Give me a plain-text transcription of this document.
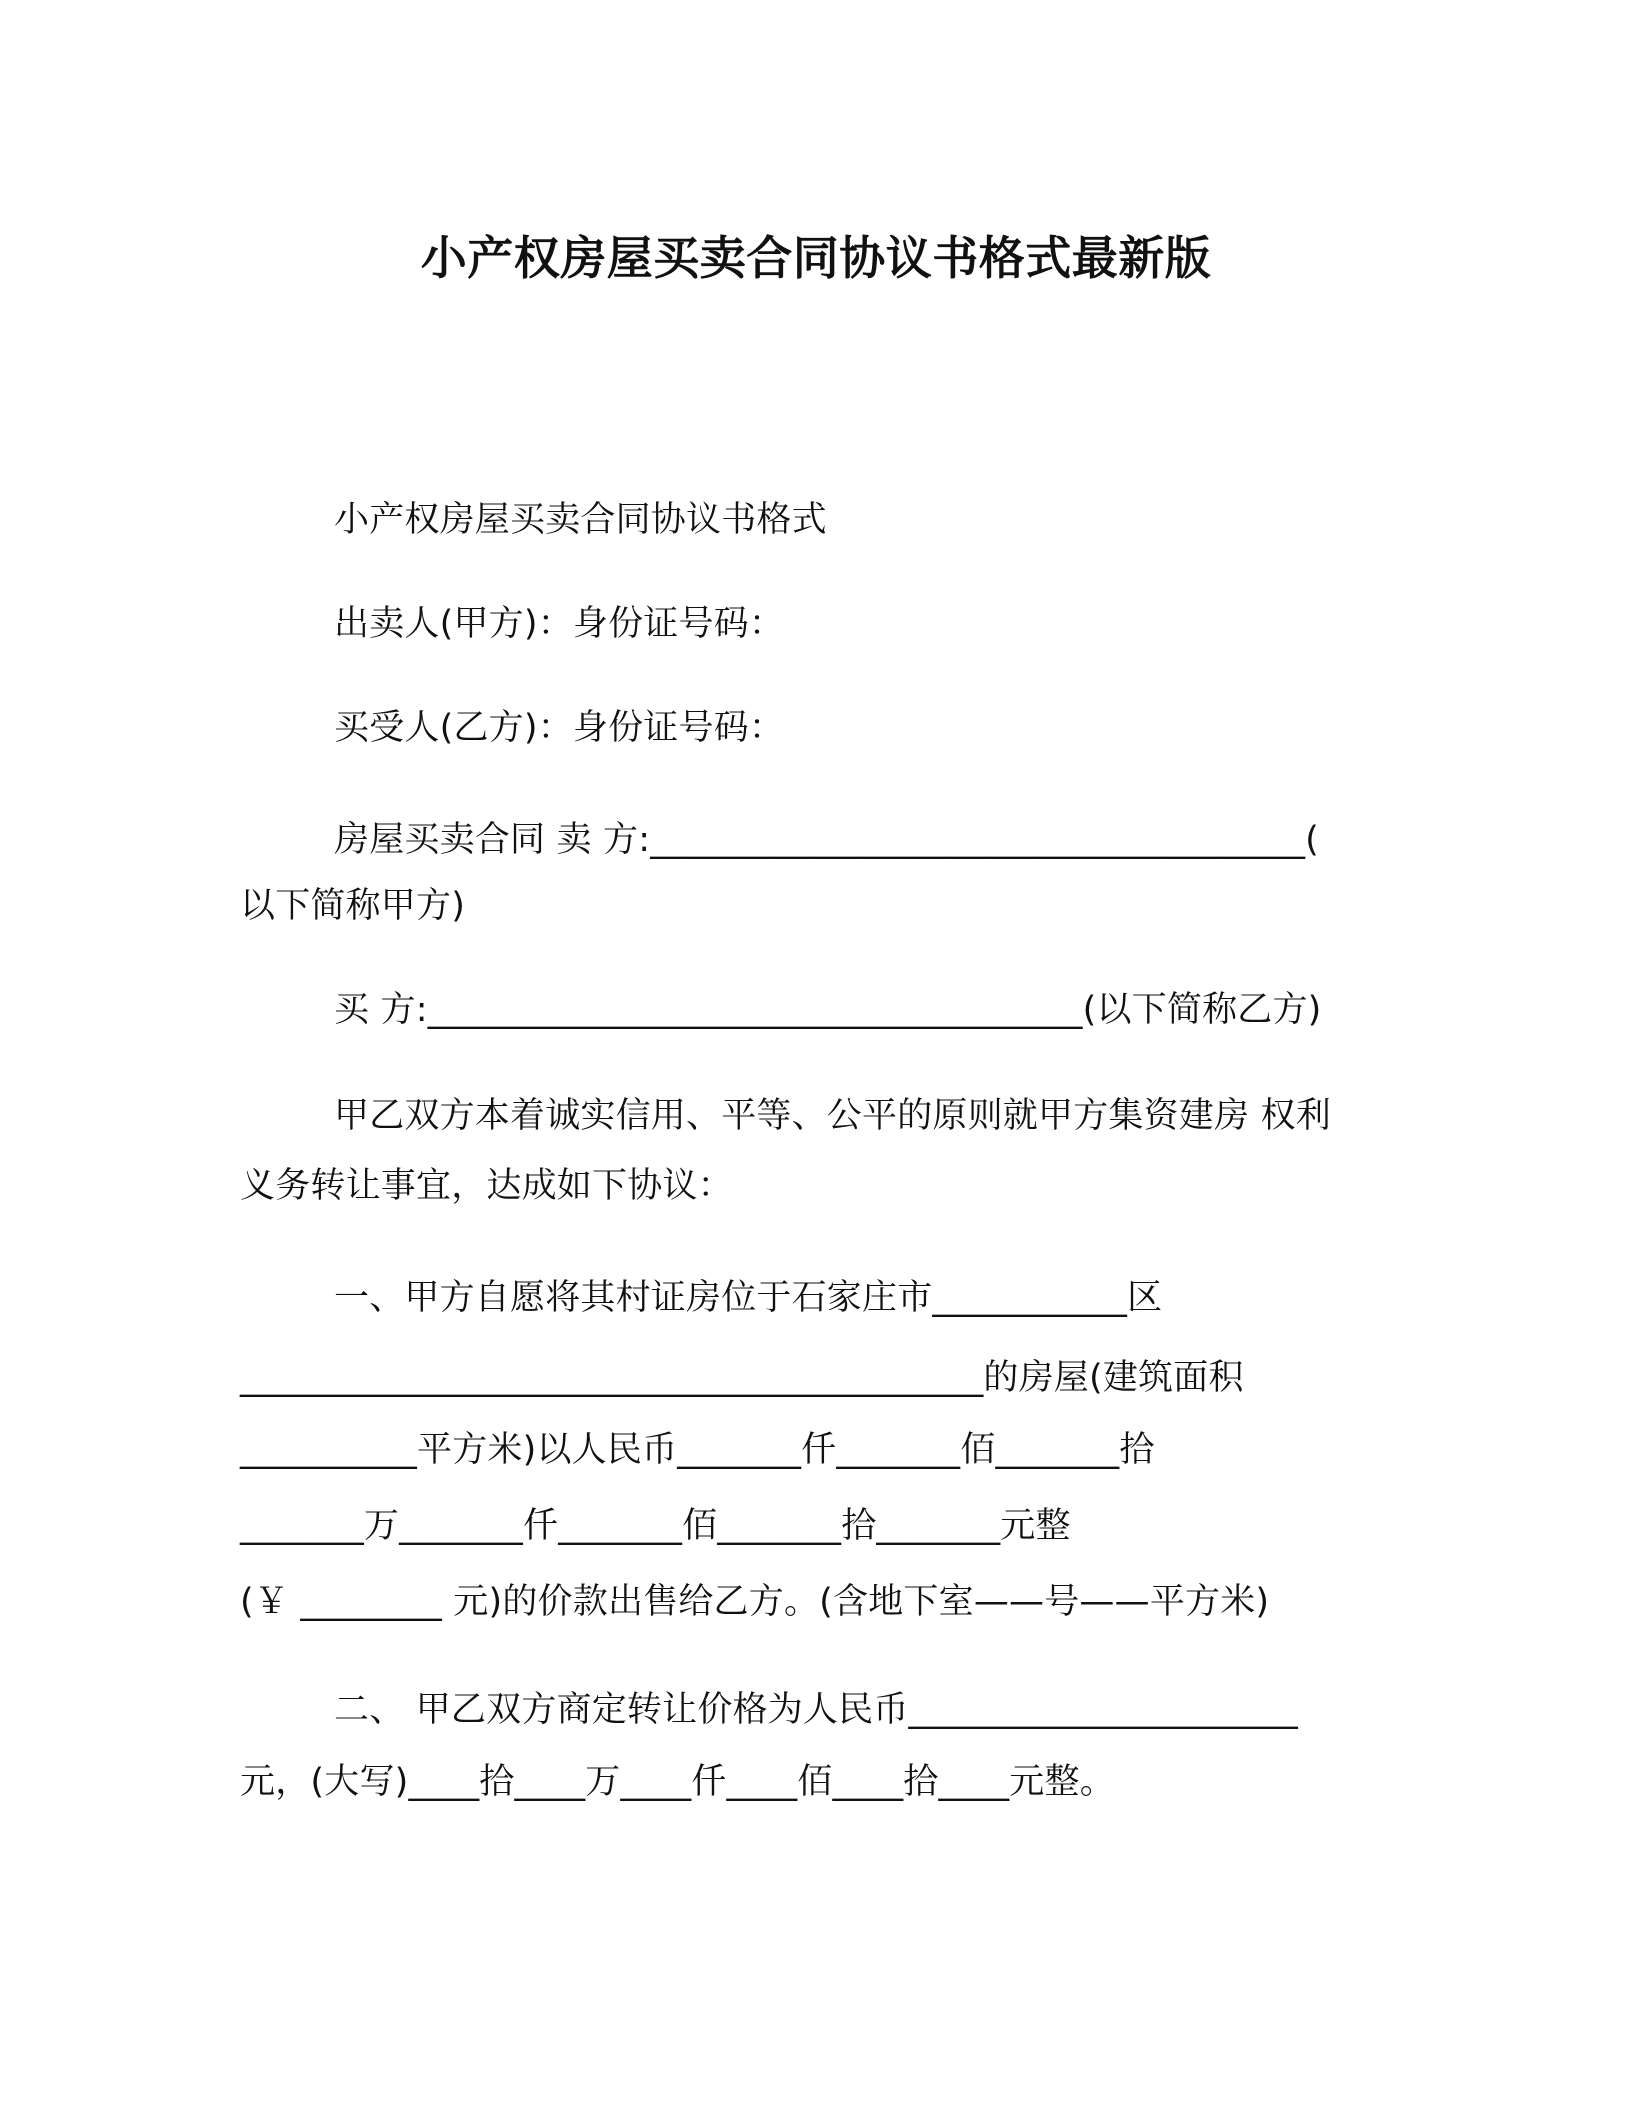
小产权房屋买卖合同协议书格式最新版
小产权房屋买卖合同协议书格式
出卖人(甲方)：身份证号码：
买受人(乙方)：身份证号码：
房屋买卖合同 卖 方:_____________________________________(
以下简称甲方)
买 方:_____________________________________(以下简称乙方)
甲乙双方本着诚实信用、平等、公平的原则就甲方集资建房 权利
义务转让事宜，达成如下协议：
一、甲方自愿将其村证房位于石家庄市___________区
__________________________________________的房屋(建筑面积
__________平方米)以人民币_______仟_______佰_______拾
_______万_______仟_______佰_______拾_______元整
(￥ ________ 元)的价款出售给乙方。(含地下室——号——平方米)
二、 甲乙双方商定转让价格为人民币______________________
元，(大写)____拾____万____仟____佰____拾____元整。
